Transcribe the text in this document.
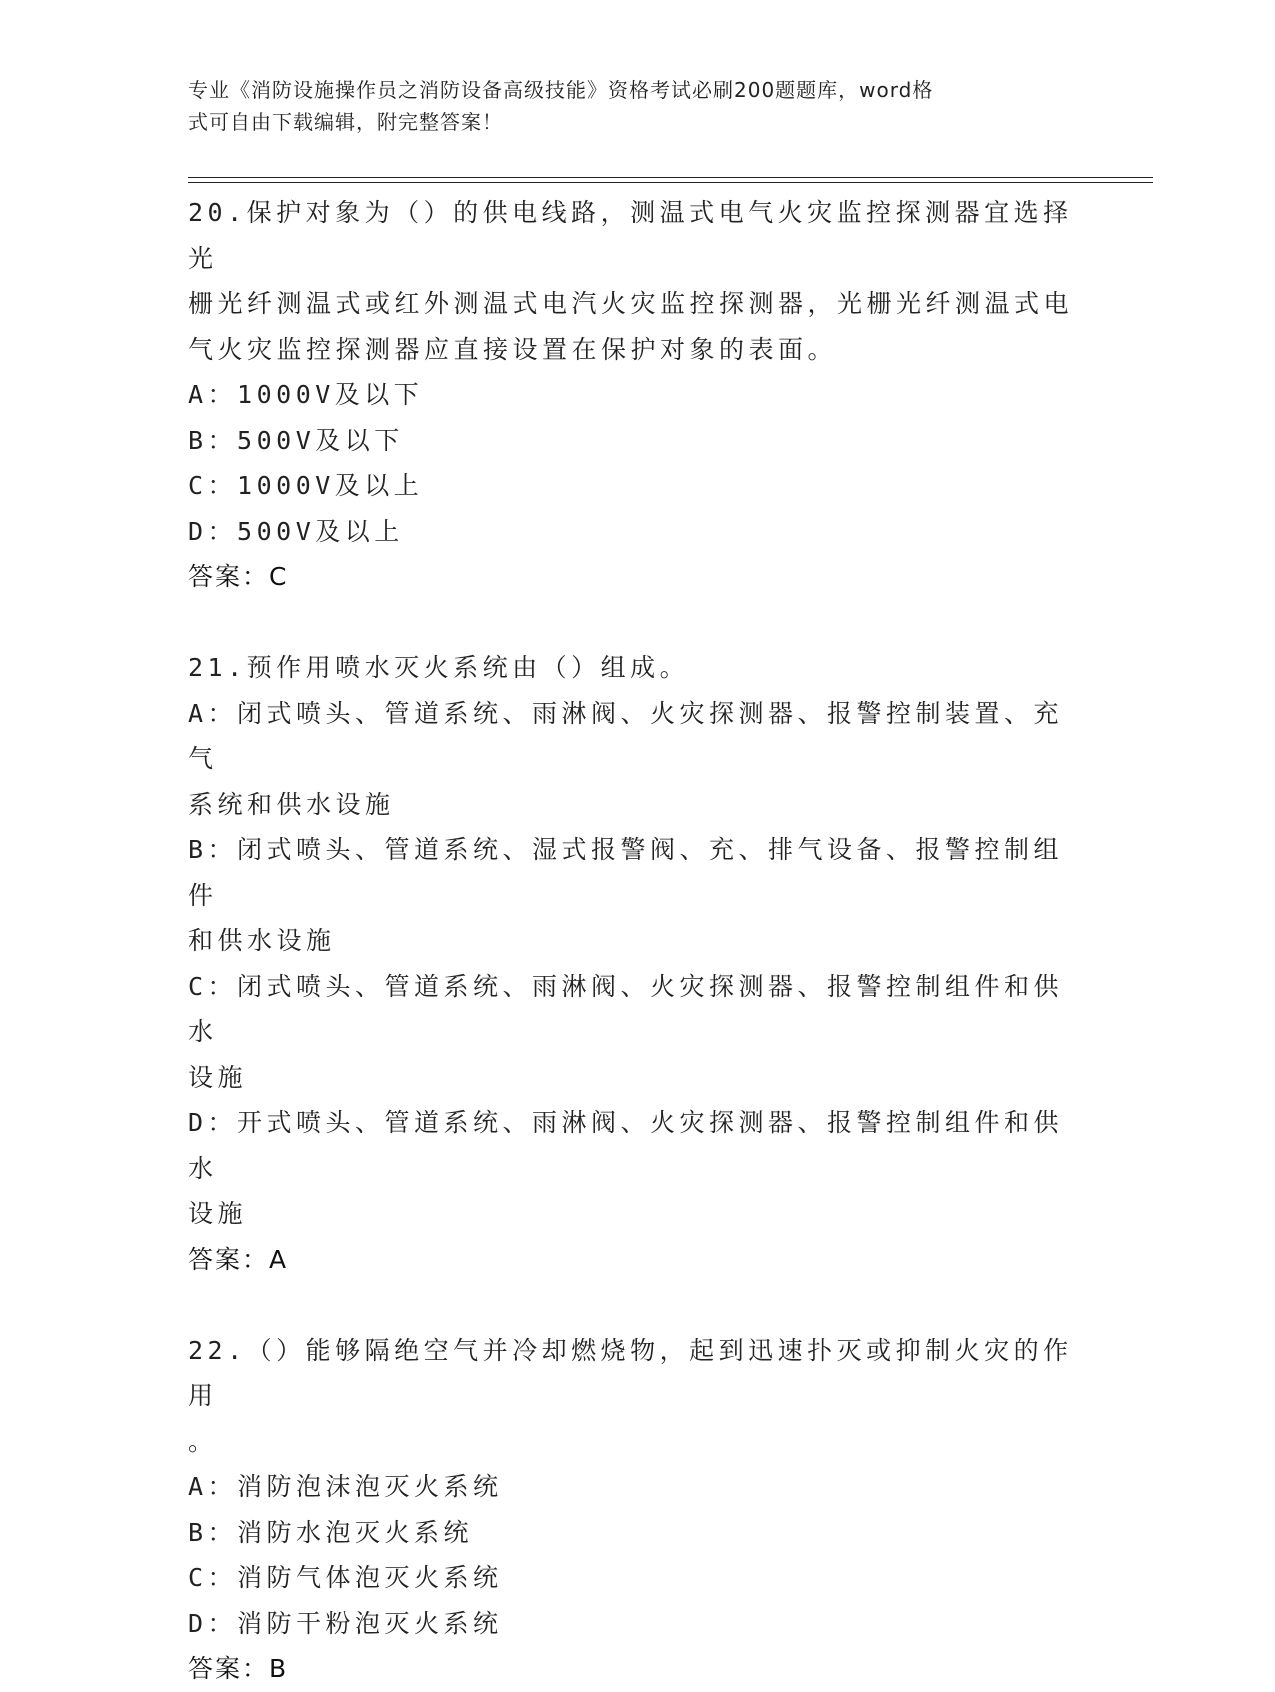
专业《消防设施操作员之消防设备高级技能》资格考试必刷200题题库，word格
式可自由下载编辑，附完整答案！
20.保护对象为（）的供电线路，测温式电气火灾监控探测器宜选择光
栅光纤测温式或红外测温式电汽火灾监控探测器，光栅光纤测温式电
气火灾监控探测器应直接设置在保护对象的表面。
A：1000V及以下
B：500V及以下
C：1000V及以上
D：500V及以上
答案：C
21.预作用喷水灭火系统由（）组成。
A：闭式喷头、管道系统、雨淋阀、火灾探测器、报警控制装置、充气
系统和供水设施
B：闭式喷头、管道系统、湿式报警阀、充、排气设备、报警控制组件
和供水设施
C：闭式喷头、管道系统、雨淋阀、火灾探测器、报警控制组件和供水
设施
D：开式喷头、管道系统、雨淋阀、火灾探测器、报警控制组件和供水
设施
答案：A
22.（）能够隔绝空气并冷却燃烧物，起到迅速扑灭或抑制火灾的作用
。
A：消防泡沫泡灭火系统
B：消防水泡灭火系统
C：消防气体泡灭火系统
D：消防干粉泡灭火系统
答案：B
